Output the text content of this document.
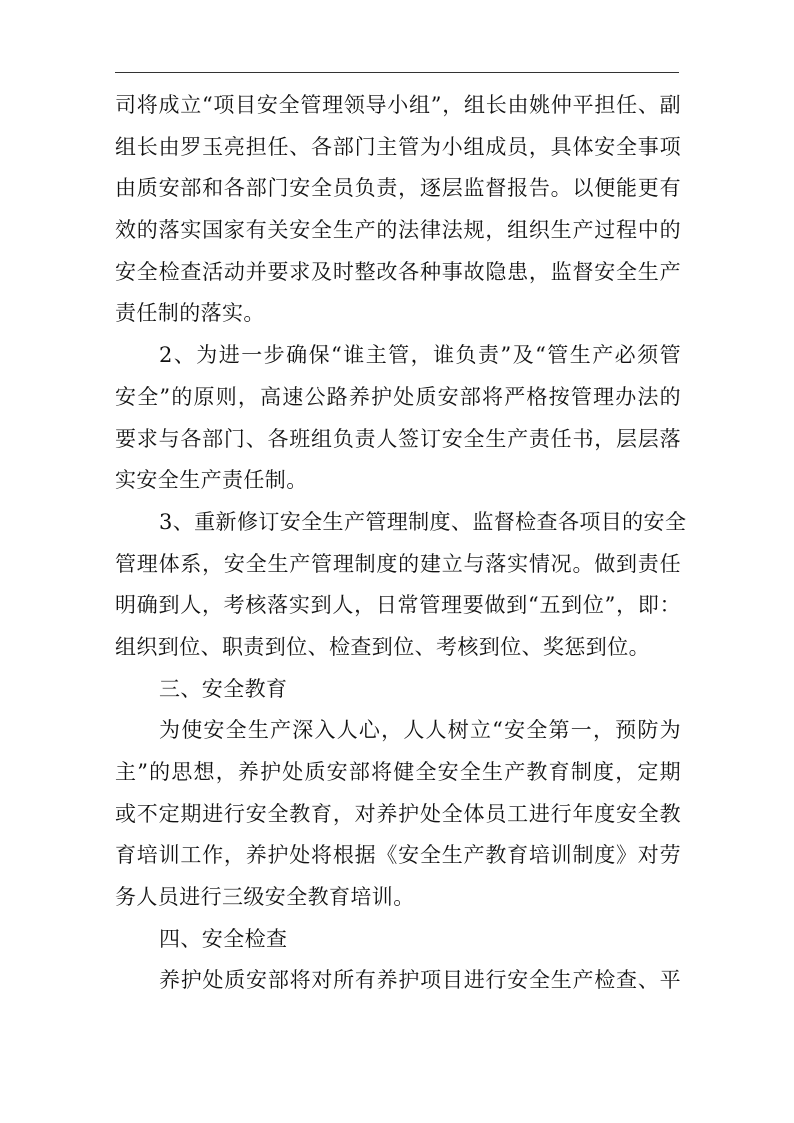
司将成立“项目安全管理领导小组”，组长由姚仲平担任、副
组长由罗玉亮担任、各部门主管为小组成员，具体安全事项
由质安部和各部门安全员负责，逐层监督报告。以便能更有
效的落实国家有关安全生产的法律法规，组织生产过程中的
安全检查活动并要求及时整改各种事故隐患，监督安全生产
责任制的落实。
2、为进一步确保“谁主管，谁负责”及“管生产必须管
安全”的原则，高速公路养护处质安部将严格按管理办法的
要求与各部门、各班组负责人签订安全生产责任书，层层落
实安全生产责任制。
3、重新修订安全生产管理制度、监督检查各项目的安全
管理体系，安全生产管理制度的建立与落实情况。做到责任
明确到人，考核落实到人，日常管理要做到“五到位”，即：
组织到位、职责到位、检查到位、考核到位、奖惩到位。
三、安全教育
为使安全生产深入人心，人人树立“安全第一，预防为
主”的思想，养护处质安部将健全安全生产教育制度，定期
或不定期进行安全教育，对养护处全体员工进行年度安全教
育培训工作，养护处将根据《安全生产教育培训制度》对劳
务人员进行三级安全教育培训。
四、安全检查
养护处质安部将对所有养护项目进行安全生产检查、平
